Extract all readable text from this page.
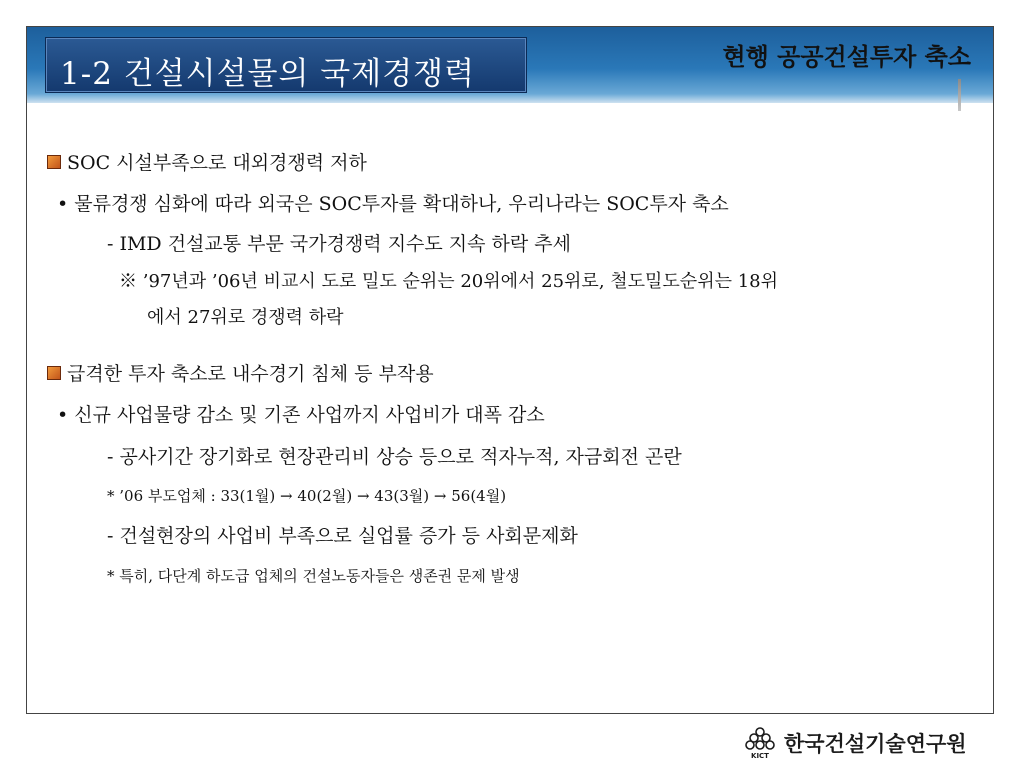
1-2 건설시설물의 국제경쟁력	현행 공공건설투자 축소
SOC 시설부족으로 대외경쟁력 저하
• 물류경쟁 심화에 따라 외국은 SOC투자를 확대하나, 우리나라는 SOC투자 축소
- IMD 건설교통 부문 국가경쟁력 지수도 지속 하락 추세
※ ’97년과 ’06년 비교시 도로 밀도 순위는 20위에서 25위로, 철도밀도순위는 18위
에서 27위로 경쟁력 하락
급격한 투자 축소로 내수경기 침체 등 부작용
• 신규 사업물량 감소 및 기존 사업까지 사업비가 대폭 감소
- 공사기간 장기화로 현장관리비 상승 등으로 적자누적, 자금회전 곤란
* ’06 부도업체 : 33(1월) → 40(2월) → 43(3월) → 56(4월)
- 건설현장의 사업비 부족으로 실업률 증가 등 사회문제화
* 특히, 다단계 하도급 업체의 건설노동자들은 생존권 문제 발생
KICT 한국건설기술연구원
